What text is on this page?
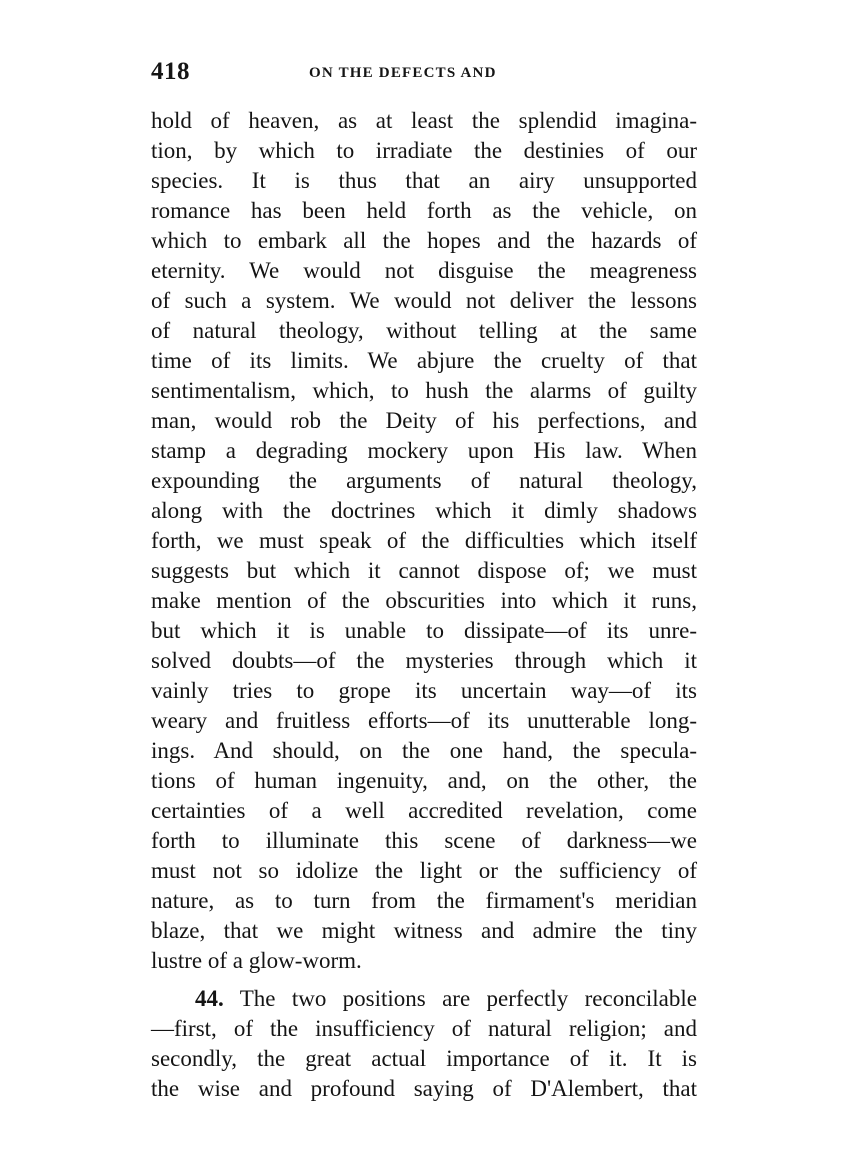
418	ON THE DEFECTS AND
hold of heaven, as at least the splendid imagina-
tion, by which to irradiate the destinies of our
species. It is thus that an airy unsupported
romance has been held forth as the vehicle, on
which to embark all the hopes and the hazards of
eternity. We would not disguise the meagreness
of such a system. We would not deliver the lessons
of natural theology, without telling at the same
time of its limits. We abjure the cruelty of that
sentimentalism, which, to hush the alarms of guilty
man, would rob the Deity of his perfections, and
stamp a degrading mockery upon His law. When
expounding the arguments of natural theology,
along with the doctrines which it dimly shadows
forth, we must speak of the difficulties which itself
suggests but which it cannot dispose of; we must
make mention of the obscurities into which it runs,
but which it is unable to dissipate—of its unre-
solved doubts—of the mysteries through which it
vainly tries to grope its uncertain way—of its
weary and fruitless efforts—of its unutterable long-
ings. And should, on the one hand, the specula-
tions of human ingenuity, and, on the other, the
certainties of a well accredited revelation, come
forth to illuminate this scene of darkness—we
must not so idolize the light or the sufficiency of
nature, as to turn from the firmament's meridian
blaze, that we might witness and admire the tiny
lustre of a glow-worm.
44. The two positions are perfectly reconcilable
—first, of the insufficiency of natural religion; and
secondly, the great actual importance of it. It is
the wise and profound saying of D'Alembert, that
